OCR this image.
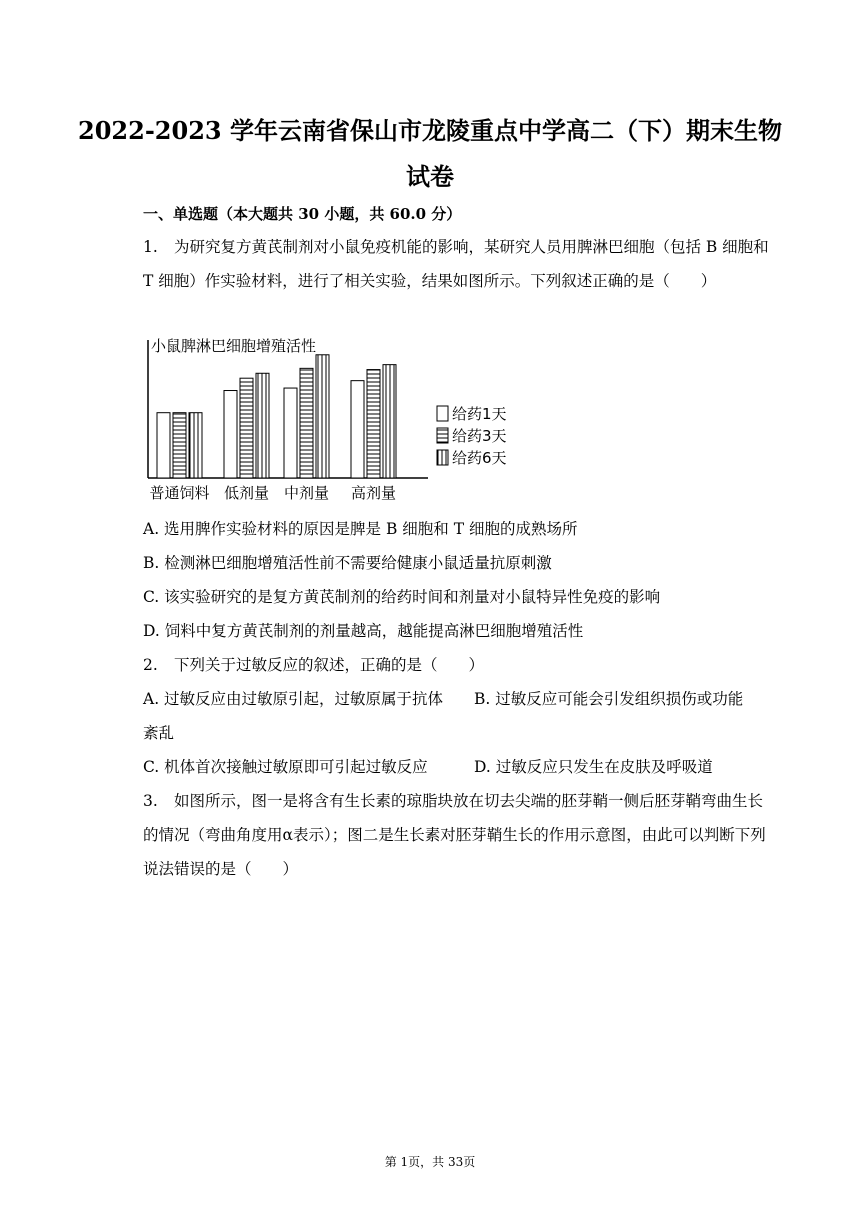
2022-2023 学年云南省保山市龙陵重点中学高二（下）期末生物
试卷
一、单选题（本大题共 30 小题，共 60.0 分）
1. 为研究复方黄芪制剂对小鼠免疫机能的影响，某研究人员用脾淋巴细胞（包括 B 细胞和
T 细胞）作实验材料，进行了相关实验，结果如图所示。下列叙述正确的是（　　）
小鼠脾淋巴细胞增殖活性
普通饲料 低剂量 中剂量 高剂量
给药1天
给药3天
给药6天
A. 选用脾作实验材料的原因是脾是 B 细胞和 T 细胞的成熟场所
B. 检测淋巴细胞增殖活性前不需要给健康小鼠适量抗原刺激
C. 该实验研究的是复方黄芪制剂的给药时间和剂量对小鼠特异性免疫的影响
D. 饲料中复方黄芪制剂的剂量越高，越能提高淋巴细胞增殖活性
2. 下列关于过敏反应的叙述，正确的是（　　）
A. 过敏反应由过敏原引起，过敏原属于抗体 B. 过敏反应可能会引发组织损伤或功能
紊乱
C. 机体首次接触过敏原即可引起过敏反应	D. 过敏反应只发生在皮肤及呼吸道
3. 如图所示，图一是将含有生长素的琼脂块放在切去尖端的胚芽鞘一侧后胚芽鞘弯曲生长
的情况（弯曲角度用α表示）；图二是生长素对胚芽鞘生长的作用示意图，由此可以判断下列
说法错误的是（　　）
第 1页，共 33页
